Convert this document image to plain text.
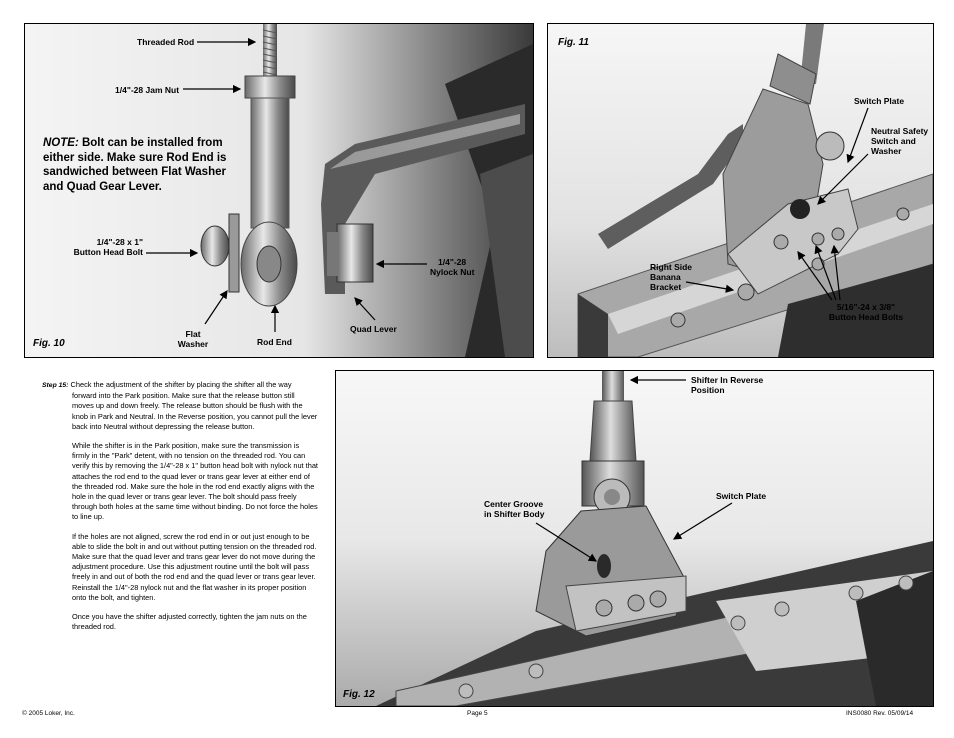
NOTE: Bolt can be installed from either side. Make sure Rod End is sandwiched between Flat Washer and Quad Gear Lever.
Threaded Rod
1/4"-28 Jam Nut
1/4"-28 x 1"
Button Head Bolt
1/4"-28
Nylock Nut
Flat
Washer	Rod End
Quad Lever
Fig. 10
Fig. 11
Switch Plate
Neutral Safety
Switch and
Washer
Right Side
Banana
Bracket
5/16"-24 x 3/8"
Button Head Bolts

Step 15: Check the adjustment of the shifter by placing the shifter all the way forward into the Park position. Make sure that the release button still moves up and down freely. The release button should be flush with the knob in Park and Neutral. In the Reverse position, you cannot pull the lever back into Neutral without depressing the release button.

While the shifter is in the Park position, make sure the transmission is firmly in the "Park" detent, with no tension on the threaded rod. You can verify this by removing the 1/4"-28 x 1" button head bolt with nylock nut that attaches the rod end to the quad lever or trans gear lever at either end of the threaded rod. Make sure the hole in the rod end exactly aligns with the hole in the quad lever or trans gear lever. The bolt should pass freely through both holes at the same time without binding. Do not force the holes to line up.

If the holes are not aligned, screw the rod end in or out just enough to be able to slide the bolt in and out without putting tension on the threaded rod. Make sure that the quad lever and trans gear lever do not move during the adjustment procedure. Use this adjustment routine until the bolt will pass freely in and out of both the rod end and the quad lever or trans gear lever. Reinstall the 1/4"-28 nylock nut and the flat washer in its proper position onto the bolt, and tighten.

Once you have the shifter adjusted correctly, tighten the jam nuts on the threaded rod.

Shifter In Reverse
Position
Center Groove
in Shifter Body
Switch Plate
Fig. 12
© 2005 Loker, Inc.	Page 5	INS0080 Rev. 05/09/14
